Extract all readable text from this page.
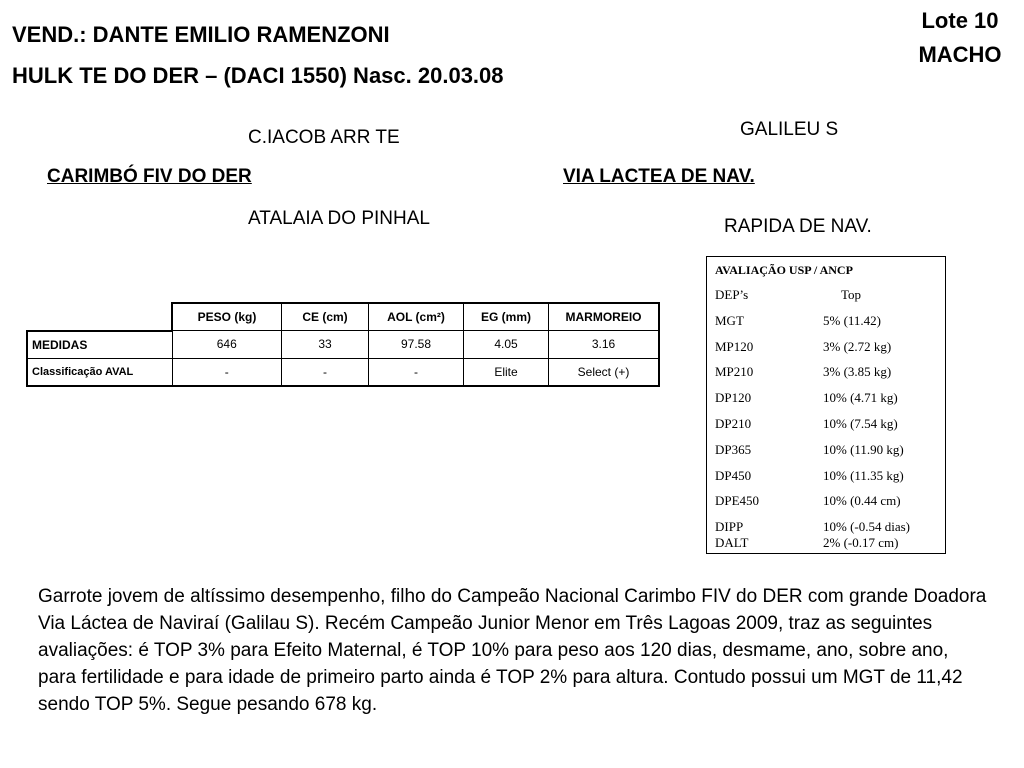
VEND.: DANTE EMILIO RAMENZONI
HULK TE DO DER – (DACI 1550) Nasc. 20.03.08
Lote 10
MACHO
C.IACOB ARR TE
CARIMBÓ FIV DO DER
ATALAIA DO PINHAL
GALILEU S
VIA LACTEA DE NAV.
RAPIDA DE NAV.
	PESO (kg)	CE (cm)	AOL (cm²)	EG (mm)	MARMOREIO
MEDIDAS	646	33	97.58	4.05	3.16
Classificação AVAL	-	-	-	Elite	Select (+)
AVALIAÇÃO USP / ANCP
DEP’s	Top
MGT	5% (11.42)
MP120	3% (2.72 kg)
MP210	3% (3.85 kg)
DP120	10% (4.71 kg)
DP210	10% (7.54 kg)
DP365	10% (11.90 kg)
DP450	10% (11.35 kg)
DPE450	10% (0.44 cm)
DIPP	10% (-0.54 dias)
DALT	2% (-0.17 cm)
Garrote jovem de altíssimo desempenho, filho do Campeão Nacional Carimbo FIV do DER com grande Doadora Via Láctea de Naviraí (Galilau S). Recém Campeão Junior Menor em Três Lagoas 2009, traz as seguintes avaliações: é TOP 3% para Efeito Maternal, é TOP 10% para peso aos 120 dias, desmame, ano, sobre ano, para fertilidade e para idade de primeiro parto ainda é TOP 2% para altura. Contudo possui um MGT de 11,42 sendo TOP 5%. Segue pesando 678 kg.
